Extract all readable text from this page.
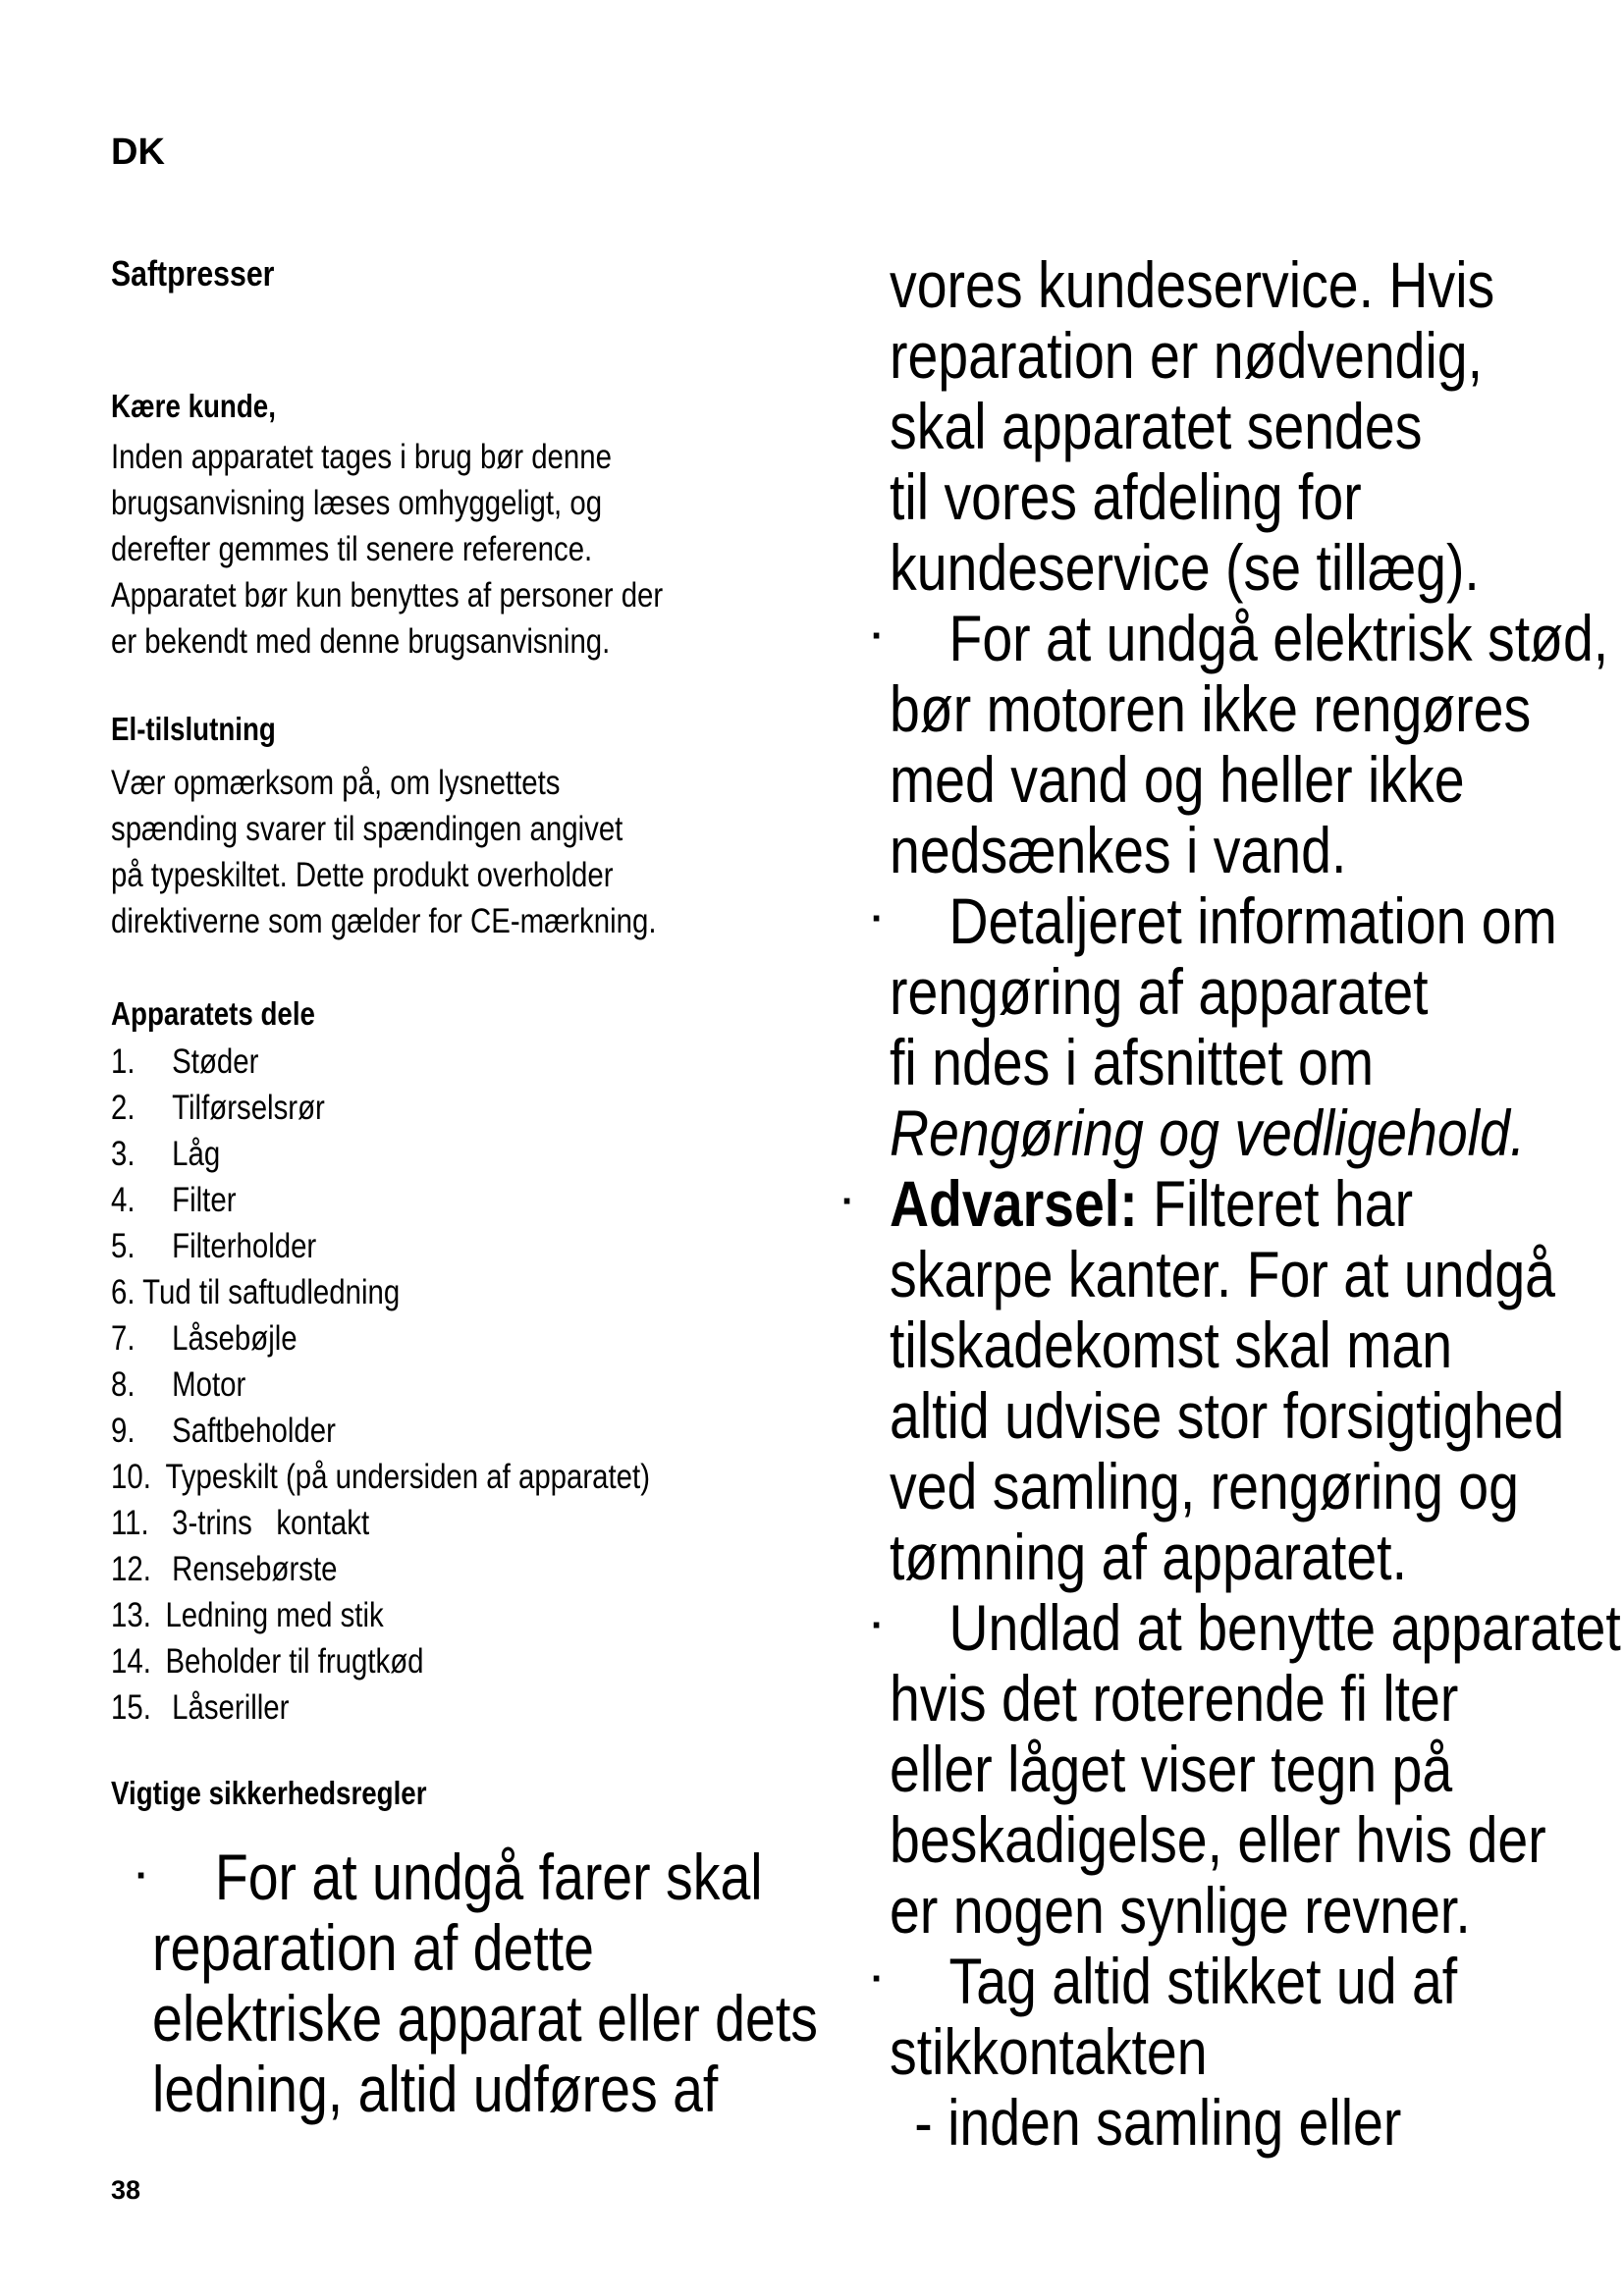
DK
Saftpresser
Kære kunde,

Inden apparatet tages i brug bør denne

brugsanvisning læses omhyggeligt, og

derefter gemmes til senere reference.

Apparatet bør kun benyttes af personer der

er bekendt med denne brugsanvisning.

El-tilslutning

Vær opmærksom på, om lysnettets

spænding svarer til spændingen angivet

på typeskiltet. Dette produkt overholder

direktiverne som gælder for CE-mærkning.

Apparatets dele
1. Støder
2. Tilførselsrør
3. Låg
4. Filter
5. Filterholder
6. Tud til saftudledning
7. Låsebøjle
8. Motor
9. Saftbeholder
10. Typeskilt (på undersiden af apparatet)
11. 3-trins   kontakt
12. Rensebørste
13. Ledning med stik
14. Beholder til frugtkød
15. Låseriller
Vigtige sikkerhedsregler
·	For at undgå farer skal

reparation af dette

elektriske apparat eller dets

ledning, altid udføres af

·
·
·
·
·

vores kundeservice. Hvis

reparation er nødvendig,

skal apparatet sendes

til vores afdeling for

kundeservice (se tillæg).

For at undgå elektrisk stød,

bør motoren ikke rengøres

med vand og heller ikke

nedsænkes i vand.

Detaljeret information om

rengøring af apparatet

fi ndes i afsnittet om

Rengøring og vedligehold.

Advarsel: Filteret har

skarpe kanter. For at undgå

tilskadekomst skal man

altid udvise stor forsigtighed

ved samling, rengøring og

tømning af apparatet.

Undlad at benytte apparatet

hvis det roterende fi lter

eller låget viser tegn på

beskadigelse, eller hvis der

er nogen synlige revner.

Tag altid stikket ud af

stikkontakten

- inden samling eller

38
